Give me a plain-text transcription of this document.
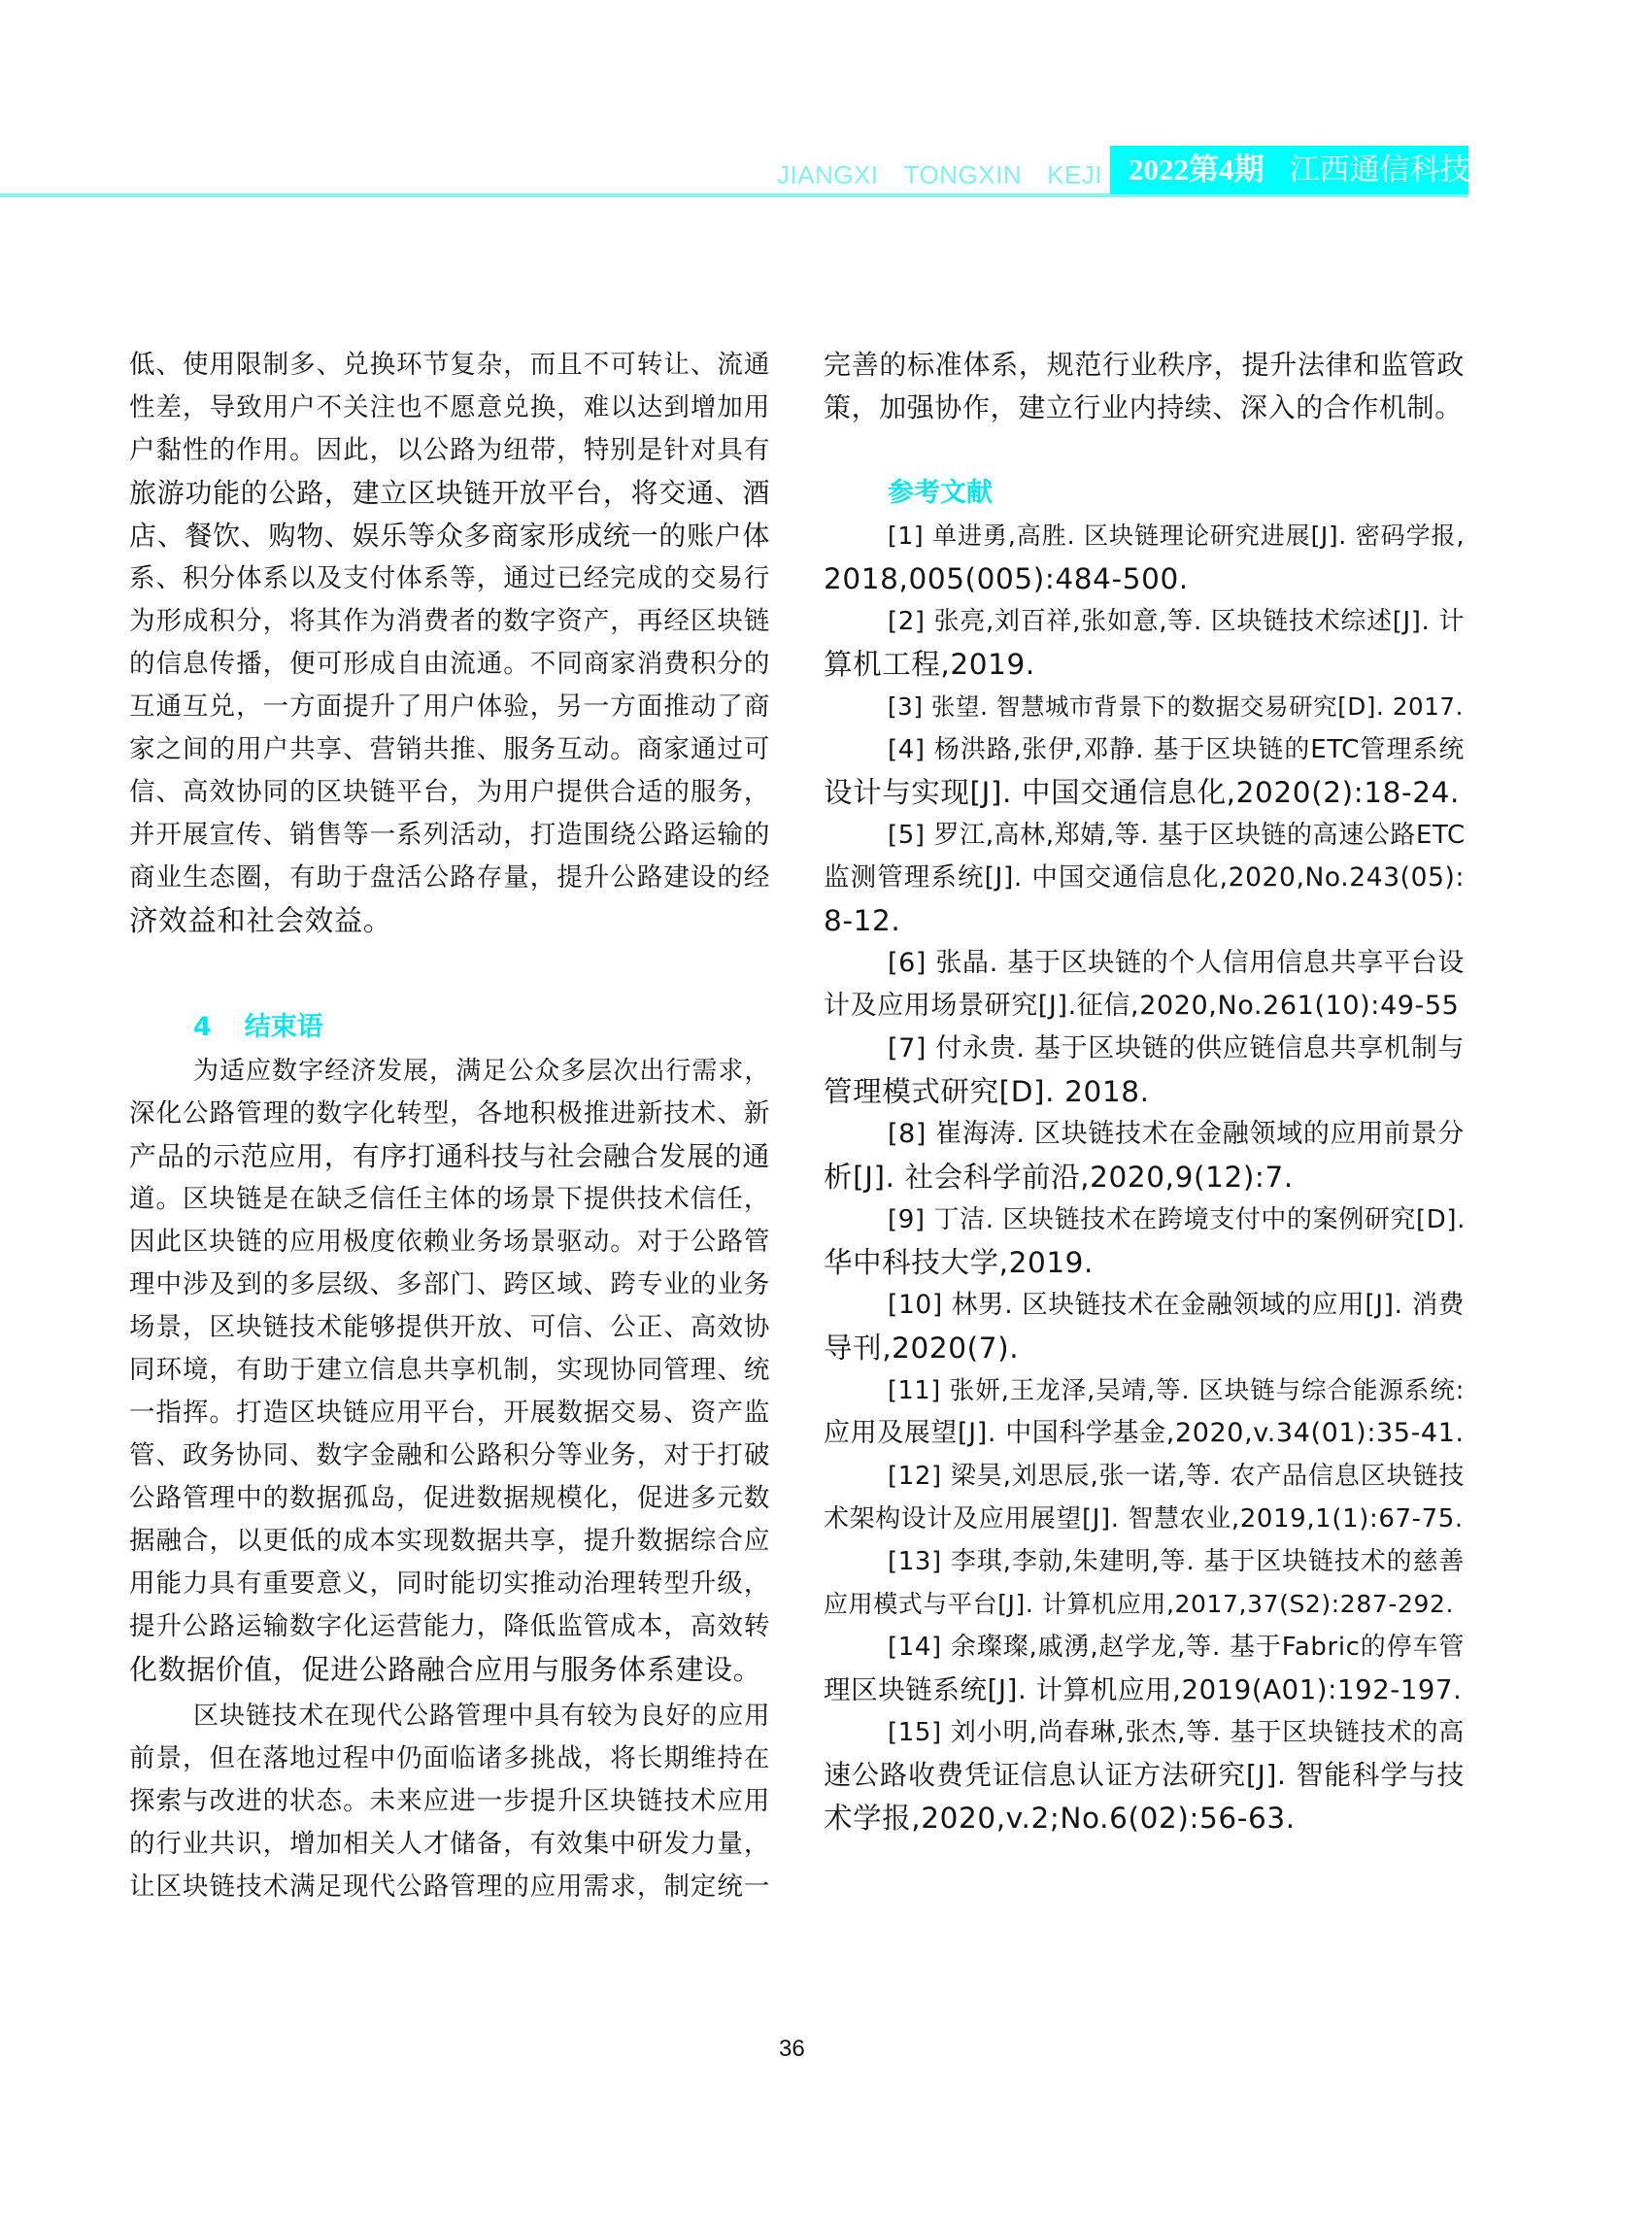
JIANGXI TONGXIN KEJI 2022第4期 江西通信科技
低、使用限制多、兑换环节复杂，而且不可转让、流通
性差，导致用户不关注也不愿意兑换，难以达到增加用
户黏性的作用。因此，以公路为纽带，特别是针对具有
旅游功能的公路，建立区块链开放平台，将交通、酒
店、餐饮、购物、娱乐等众多商家形成统一的账户体
系、积分体系以及支付体系等，通过已经完成的交易行
为形成积分，将其作为消费者的数字资产，再经区块链
的信息传播，便可形成自由流通。不同商家消费积分的
互通互兑，一方面提升了用户体验，另一方面推动了商
家之间的用户共享、营销共推、服务互动。商家通过可
信、高效协同的区块链平台，为用户提供合适的服务，
并开展宣传、销售等一系列活动，打造围绕公路运输的
商业生态圈，有助于盘活公路存量，提升公路建设的经
济效益和社会效益。
4 结束语
为适应数字经济发展，满足公众多层次出行需求，
深化公路管理的数字化转型，各地积极推进新技术、新
产品的示范应用，有序打通科技与社会融合发展的通
道。区块链是在缺乏信任主体的场景下提供技术信任，
因此区块链的应用极度依赖业务场景驱动。对于公路管
理中涉及到的多层级、多部门、跨区域、跨专业的业务
场景，区块链技术能够提供开放、可信、公正、高效协
同环境，有助于建立信息共享机制，实现协同管理、统
一指挥。打造区块链应用平台，开展数据交易、资产监
管、政务协同、数字金融和公路积分等业务，对于打破
公路管理中的数据孤岛，促进数据规模化，促进多元数
据融合，以更低的成本实现数据共享，提升数据综合应
用能力具有重要意义，同时能切实推动治理转型升级，
提升公路运输数字化运营能力，降低监管成本，高效转
化数据价值，促进公路融合应用与服务体系建设。
区块链技术在现代公路管理中具有较为良好的应用
前景，但在落地过程中仍面临诸多挑战，将长期维持在
探索与改进的状态。未来应进一步提升区块链技术应用
的行业共识，增加相关人才储备，有效集中研发力量，
让区块链技术满足现代公路管理的应用需求，制定统一
完善的标准体系，规范行业秩序，提升法律和监管政
策，加强协作，建立行业内持续、深入的合作机制。
参考文献
[1] 单进勇,高胜. 区块链理论研究进展[J]. 密码学报,
2018,005(005):484-500.
[2] 张亮,刘百祥,张如意,等. 区块链技术综述[J]. 计
算机工程,2019.
[3] 张望. 智慧城市背景下的数据交易研究[D]. 2017.
[4] 杨洪路,张伊,邓静. 基于区块链的ETC管理系统
设计与实现[J]. 中国交通信息化,2020(2):18-24.
[5] 罗江,高林,郑婧,等. 基于区块链的高速公路ETC
监测管理系统[J]. 中国交通信息化,2020,No.243(05):
8-12.
[6] 张晶. 基于区块链的个人信用信息共享平台设
计及应用场景研究[J].征信,2020,No.261(10):49-55
[7] 付永贵. 基于区块链的供应链信息共享机制与
管理模式研究[D]. 2018.
[8] 崔海涛. 区块链技术在金融领域的应用前景分
析[J]. 社会科学前沿,2020,9(12):7.
[9] 丁洁. 区块链技术在跨境支付中的案例研究[D].
华中科技大学,2019.
[10] 林男. 区块链技术在金融领域的应用[J]. 消费
导刊,2020(7).
[11] 张妍,王龙泽,吴靖,等. 区块链与综合能源系统:
应用及展望[J]. 中国科学基金,2020,v.34(01):35-41.
[12] 梁昊,刘思辰,张一诺,等. 农产品信息区块链技
术架构设计及应用展望[J]. 智慧农业,2019,1(1):67-75.
[13] 李琪,李勍,朱建明,等. 基于区块链技术的慈善
应用模式与平台[J]. 计算机应用,2017,37(S2):287-292.
[14] 余璨璨,戚湧,赵学龙,等. 基于Fabric的停车管
理区块链系统[J]. 计算机应用,2019(A01):192-197.
[15] 刘小明,尚春琳,张杰,等. 基于区块链技术的高
速公路收费凭证信息认证方法研究[J]. 智能科学与技
术学报,2020,v.2;No.6(02):56-63.
36
